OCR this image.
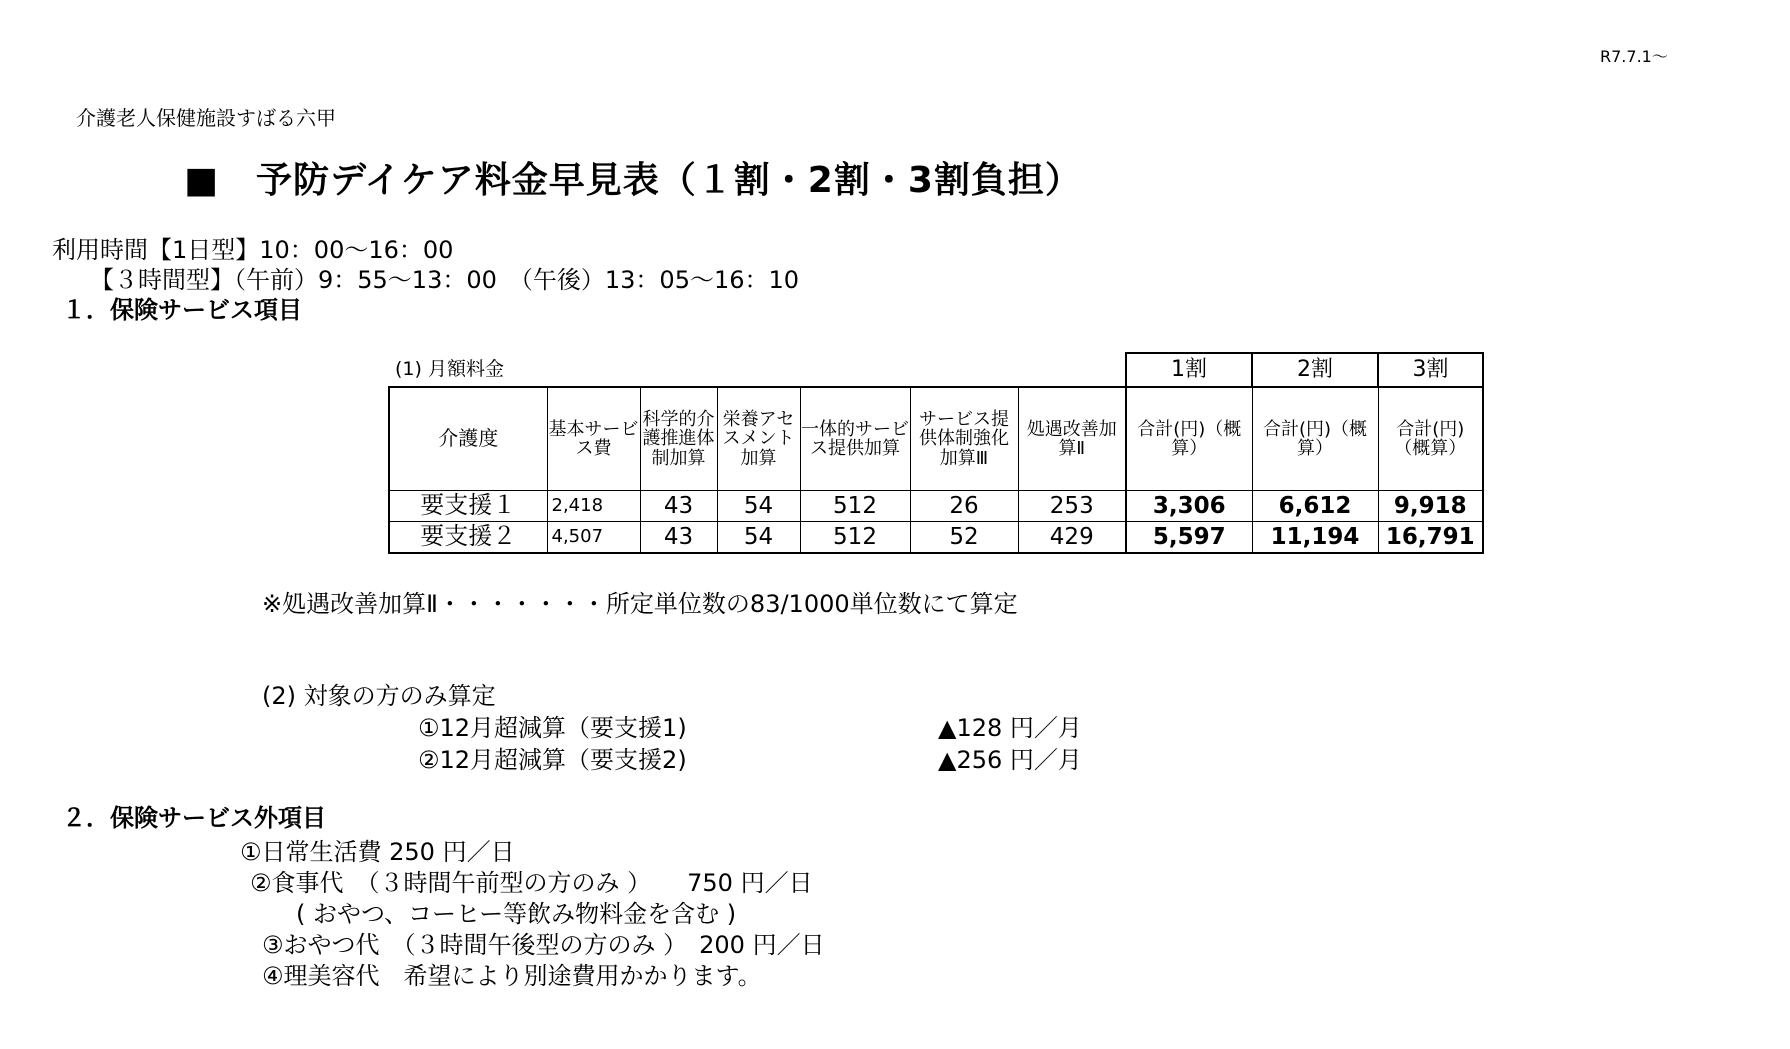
R7.7.1～
介護老人保健施設すばる六甲
■　予防デイケア料金早見表（１割・2割・3割負担）
利用時間【1日型】10：00～16：00
【３時間型】（午前）9：55～13：00　（午後）13：05～16：10
１．保険サービス項目
(1) 月額料金							1割	2割	3割
介護度	基本サービス費	科学的介護推進体制加算	栄養アセスメント加算	一体的サービス提供加算	サービス提供体制強化加算Ⅲ	処遇改善加算Ⅱ	合計(円)（概算）	合計(円)（概算）	合計(円)（概算）
要支援１	2,418	43	54	512	26	253	3,306	6,612	9,918
要支援２	4,507	43	54	512	52	429	5,597	11,194	16,791
※処遇改善加算Ⅱ・・・・・・・所定単位数の83/1000単位数にて算定
(2) 対象の方のみ算定
①12月超減算（要支援1)	▲128 円／月
②12月超減算（要支援2)	▲256 円／月
２．保険サービス外項目
①日常生活費 250 円／日
②食事代　（３時間午前型の方のみ ）　　750 円／日
( おやつ、コーヒー等飲み物料金を含む )
③おやつ代　（３時間午後型の方のみ ）　200 円／日
④理美容代　希望により別途費用かかります。
